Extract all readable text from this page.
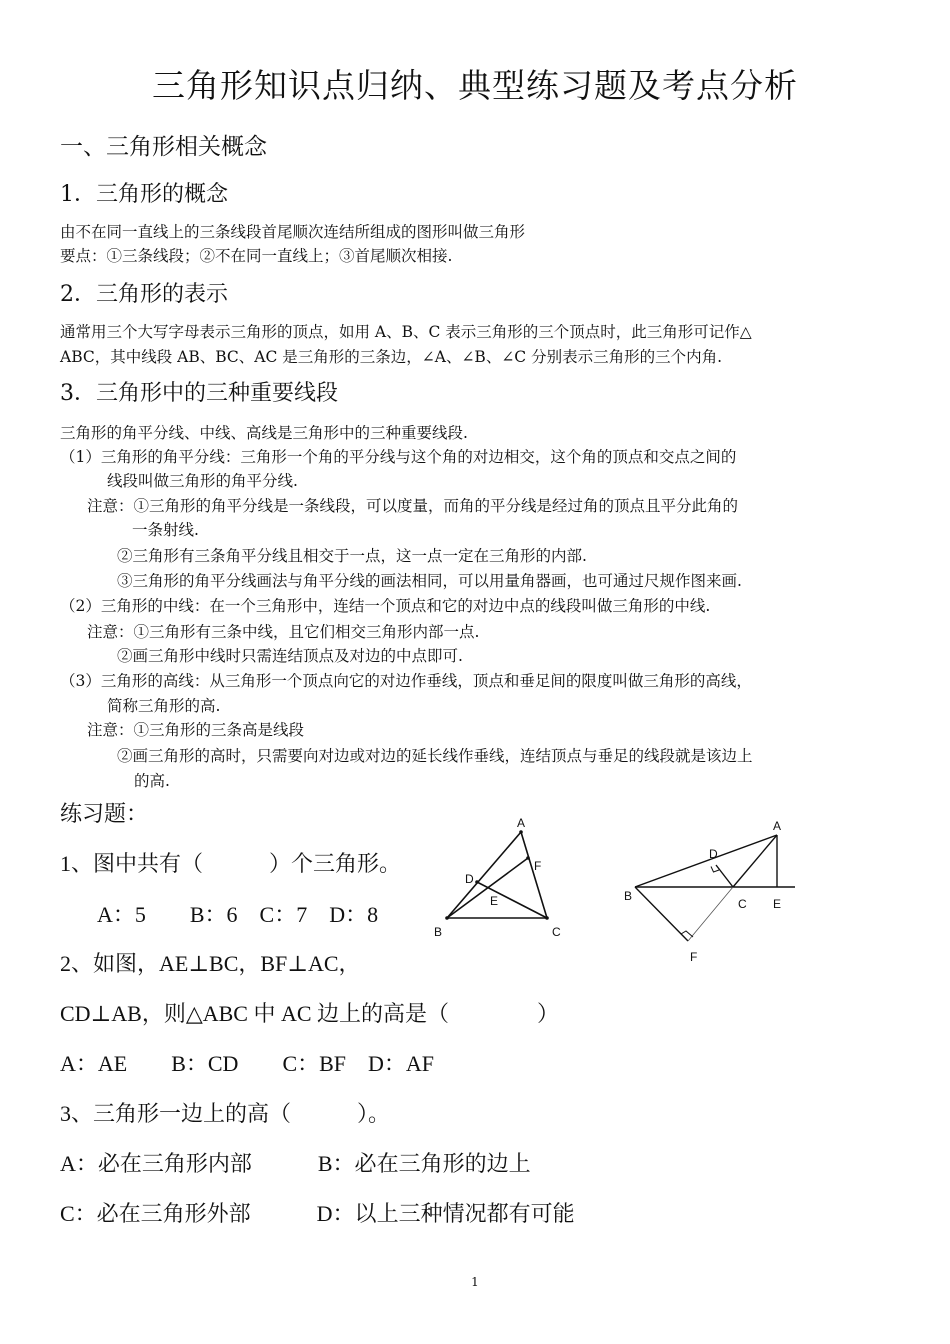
三角形知识点归纳、典型练习题及考点分析
一、三角形相关概念
1．三角形的概念
由不在同一直线上的三条线段首尾顺次连结所组成的图形叫做三角形
要点：①三条线段；②不在同一直线上；③首尾顺次相接.
2．三角形的表示
通常用三个大写字母表示三角形的顶点，如用 A、B、C 表示三角形的三个顶点时，此三角形可记作△
ABC，其中线段 AB、BC、AC 是三角形的三条边，∠A、∠B、∠C 分别表示三角形的三个内角.
3．三角形中的三种重要线段
三角形的角平分线、中线、高线是三角形中的三种重要线段.
（1）三角形的角平分线：三角形一个角的平分线与这个角的对边相交，这个角的顶点和交点之间的
线段叫做三角形的角平分线.
注意：①三角形的角平分线是一条线段，可以度量，而角的平分线是经过角的顶点且平分此角的
一条射线.
②三角形有三条角平分线且相交于一点，这一点一定在三角形的内部.
③三角形的角平分线画法与角平分线的画法相同，可以用量角器画，也可通过尺规作图来画.
（2）三角形的中线：在一个三角形中，连结一个顶点和它的对边中点的线段叫做三角形的中线.
注意：①三角形有三条中线，且它们相交三角形内部一点.
②画三角形中线时只需连结顶点及对边的中点即可.
（3）三角形的高线：从三角形一个顶点向它的对边作垂线，顶点和垂足间的限度叫做三角形的高线，
简称三角形的高.
注意：①三角形的三条高是线段
②画三角形的高时，只需要向对边或对边的延长线作垂线，连结顶点与垂足的线段就是该边上
的高.
练习题：
1、图中共有（　　　）个三角形。
A：5　　B：6　C：7　D：8
2、如图，AE⊥BC，BF⊥AC，
CD⊥AB，则△ABC 中 AC 边上的高是（　　　　）
A：AE　　B：CD　　C：BF　D：AF
3、三角形一边上的高（　　　）。
A：必在三角形内部　　　B：必在三角形的边上
C：必在三角形外部　　　D：以上三种情况都有可能
A
B	C
D
E
F
A
B
C
D
E
F
1
